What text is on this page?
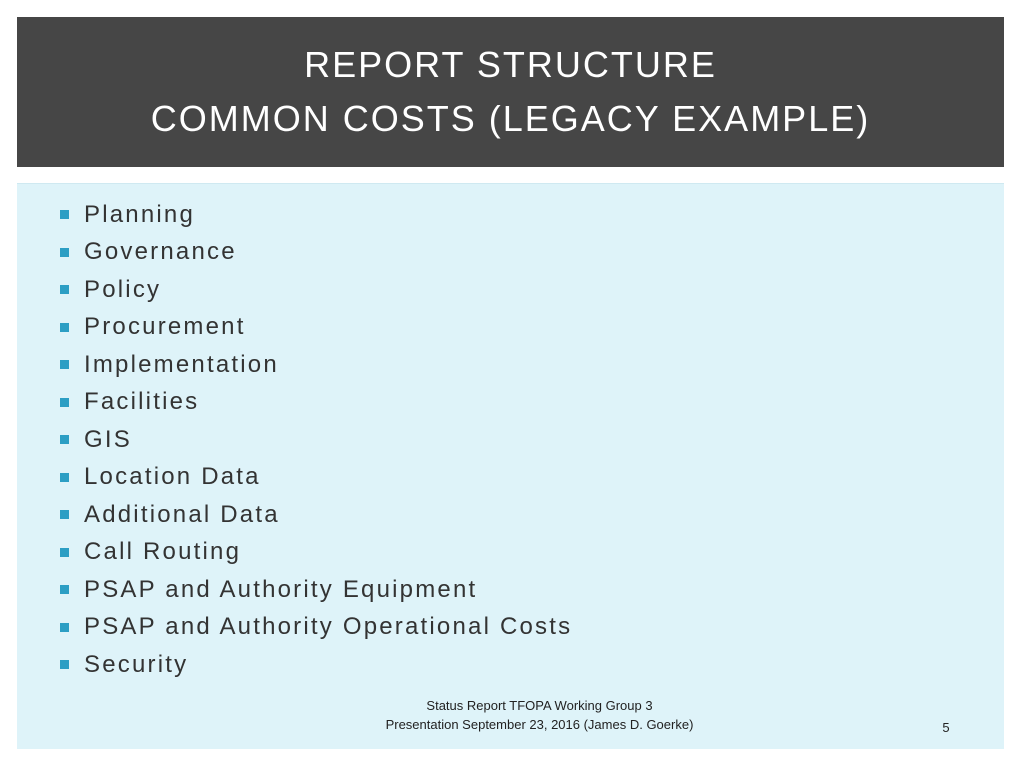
REPORT STRUCTURE
COMMON COSTS (LEGACY EXAMPLE)
Planning
Governance
Policy
Procurement
Implementation
Facilities
GIS
Location Data
Additional Data
Call Routing
PSAP and Authority Equipment
PSAP and Authority Operational Costs
Security
Status Report TFOPA Working Group 3
Presentation September 23, 2016 (James D. Goerke)	5
